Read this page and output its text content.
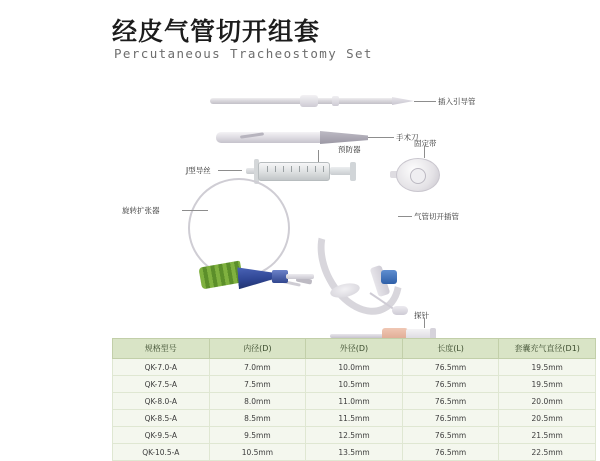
经皮气管切开组套
Percutaneous Tracheostomy Set
插入引导管
手术刀
预防器
固定带
J型导丝
旋转扩张器
气管切开插管
探针
规格型号	内径(D)	外径(D)	长度(L)	套囊充气直径(D1)
QK-7.0-A	7.0mm	10.0mm	76.5mm	19.5mm
QK-7.5-A	7.5mm	10.5mm	76.5mm	19.5mm
QK-8.0-A	8.0mm	11.0mm	76.5mm	20.0mm
QK-8.5-A	8.5mm	11.5mm	76.5mm	20.5mm
QK-9.5-A	9.5mm	12.5mm	76.5mm	21.5mm
QK-10.5-A	10.5mm	13.5mm	76.5mm	22.5mm
